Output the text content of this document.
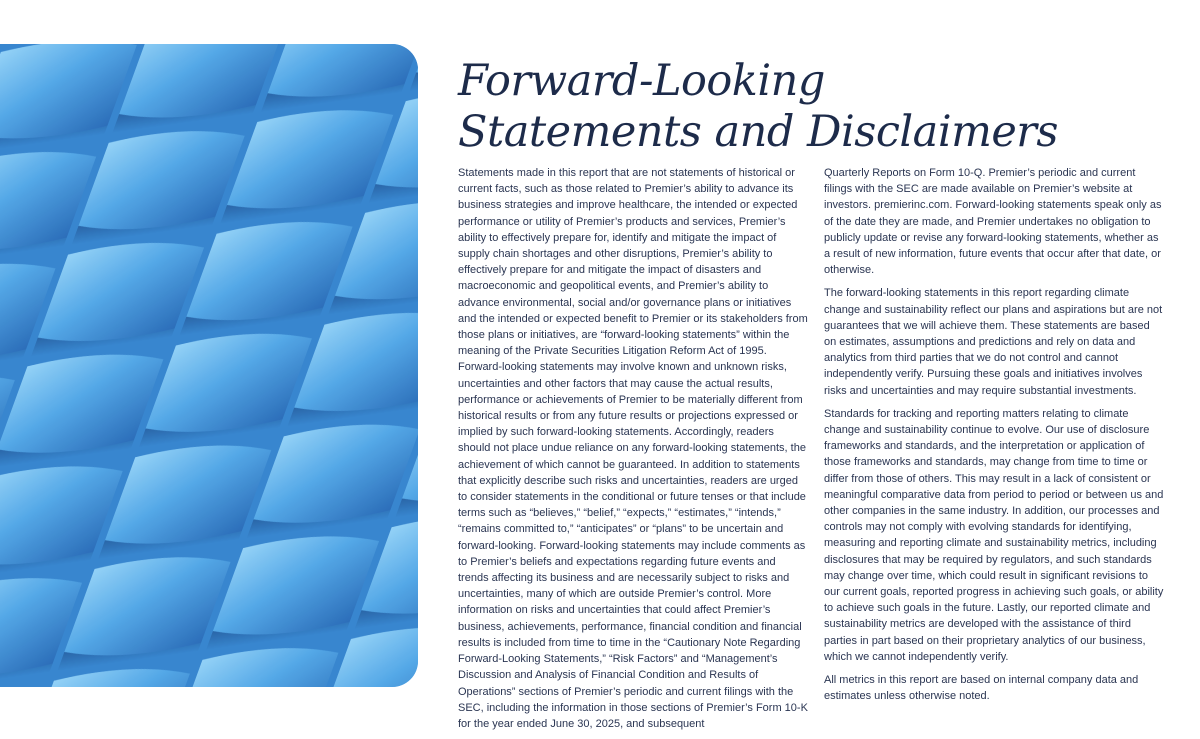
Forward-Looking
Statements and Disclaimers

Statements made in this report that are not statements of historical or current facts, such as those related to Premier’s ability to advance its business strategies and improve healthcare, the intended or expected performance or utility of Premier’s products and services, Premier’s ability to effectively prepare for, identify and mitigate the impact of supply chain shortages and other disruptions, Premier’s ability to effectively prepare for and mitigate the impact of disasters and macroeconomic and geopolitical events, and Premier’s ability to advance environmental, social and/or governance plans or initiatives and the intended or expected benefit to Premier or its stakeholders from those plans or initiatives, are “forward-looking statements” within the meaning of the Private Securities Litigation Reform Act of 1995. Forward-looking statements may involve known and unknown risks, uncertainties and other factors that may cause the actual results, performance or achievements of Premier to be materially different from historical results or from any future results or projections expressed or implied by such forward-looking statements. Accordingly, readers should not place undue reliance on any forward-looking statements, the achievement of which cannot be guaranteed. In addition to statements that explicitly describe such risks and uncertainties, readers are urged to consider statements in the conditional or future tenses or that include terms such as “believes,” “belief,” “expects,” “estimates,” “intends,” “remains committed to,” “anticipates” or “plans” to be uncertain and forward-looking. Forward-looking statements may include comments as to Premier’s beliefs and expectations regarding future events and trends affecting its business and are necessarily subject to risks and uncertainties, many of which are outside Premier’s control. More information on risks and uncertainties that could affect Premier’s business, achievements, performance, financial condition and financial results is included from time to time in the “Cautionary Note Regarding Forward-Looking Statements,” “Risk Factors” and “Management’s Discussion and Analysis of Financial Condition and Results of Operations” sections of Premier’s periodic and current filings with the SEC, including the information in those sections of Premier’s Form 10-K for the year ended June 30, 2025, and subsequent

Quarterly Reports on Form 10-Q. Premier’s periodic and current filings with the SEC are made available on Premier’s website at investors. premierinc.com. Forward-looking statements speak only as of the date they are made, and Premier undertakes no obligation to publicly update or revise any forward-looking statements, whether as a result of new information, future events that occur after that date, or otherwise.

The forward-looking statements in this report regarding climate change and sustainability reflect our plans and aspirations but are not guarantees that we will achieve them. These statements are based on estimates, assumptions and predictions and rely on data and analytics from third parties that we do not control and cannot independently verify. Pursuing these goals and initiatives involves risks and uncertainties and may require substantial investments.

Standards for tracking and reporting matters relating to climate change and sustainability continue to evolve. Our use of disclosure frameworks and standards, and the interpretation or application of those frameworks and standards, may change from time to time or differ from those of others. This may result in a lack of consistent or meaningful comparative data from period to period or between us and other companies in the same industry. In addition, our processes and controls may not comply with evolving standards for identifying, measuring and reporting climate and sustainability metrics, including disclosures that may be required by regulators, and such standards may change over time, which could result in significant revisions to our current goals, reported progress in achieving such goals, or ability to achieve such goals in the future. Lastly, our reported climate and sustainability metrics are developed with the assistance of third parties in part based on their proprietary analytics of our business, which we cannot independently verify.

All metrics in this report are based on internal company data and estimates unless otherwise noted.
